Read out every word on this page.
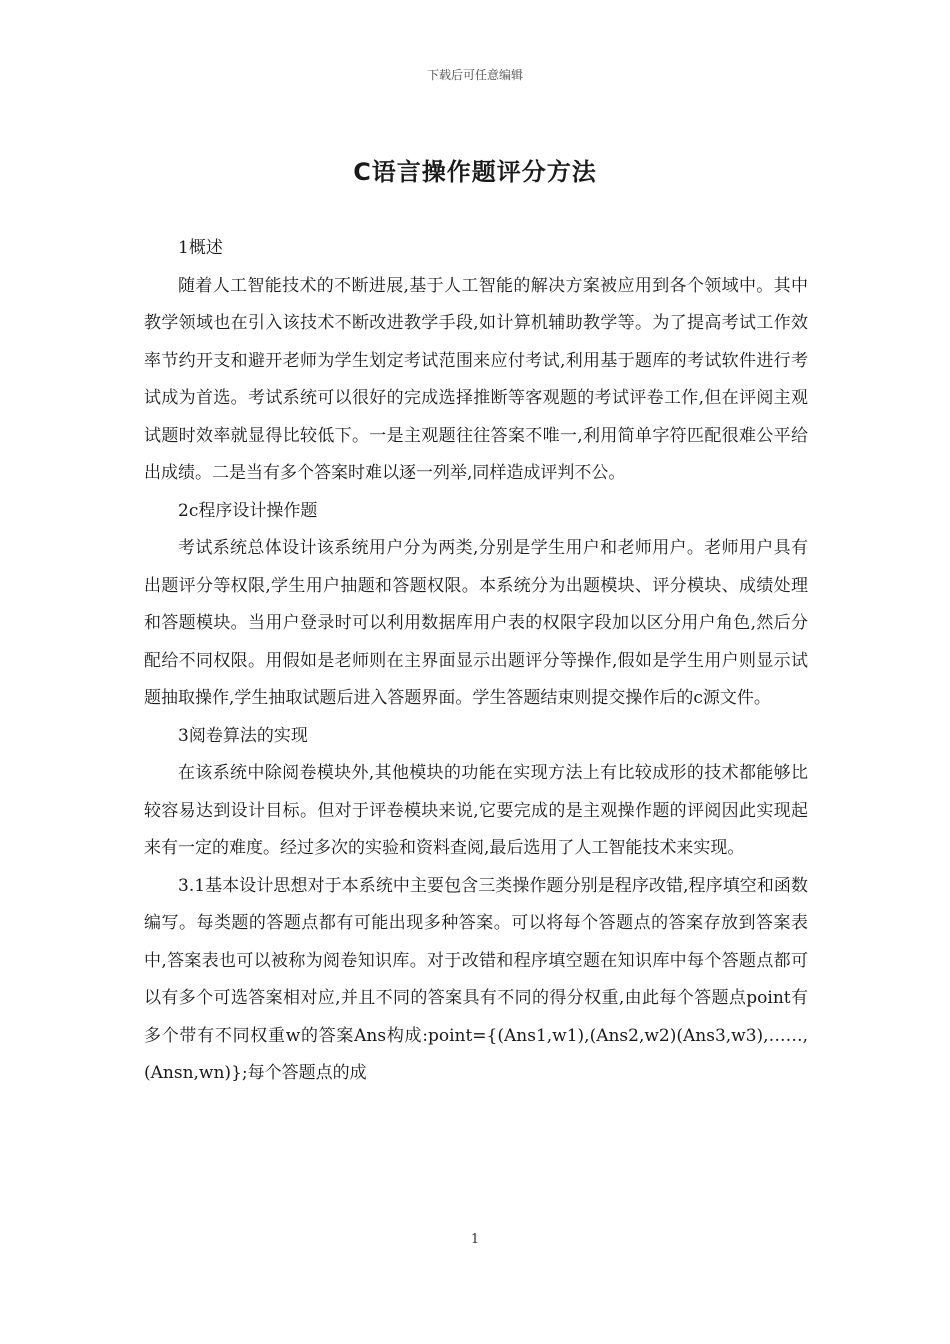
下载后可任意编辑
C语言操作题评分方法

1概述

随着人工智能技术的不断进展,基于人工智能的解决方案被应用到各个领域中。其中教学领域也在引入该技术不断改进教学手段,如计算机辅助教学等。为了提高考试工作效率节约开支和避开老师为学生划定考试范围来应付考试,利用基于题库的考试软件进行考试成为首选。考试系统可以很好的完成选择推断等客观题的考试评卷工作,但在评阅主观试题时效率就显得比较低下。一是主观题往往答案不唯一,利用简单字符匹配很难公平给出成绩。二是当有多个答案时难以逐一列举,同样造成评判不公。

2c程序设计操作题

考试系统总体设计该系统用户分为两类,分别是学生用户和老师用户。老师用户具有出题评分等权限,学生用户抽题和答题权限。本系统分为出题模块、评分模块、成绩处理和答题模块。当用户登录时可以利用数据库用户表的权限字段加以区分用户角色,然后分配给不同权限。用假如是老师则在主界面显示出题评分等操作,假如是学生用户则显示试题抽取操作,学生抽取试题后进入答题界面。学生答题结束则提交操作后的c源文件。

3阅卷算法的实现

在该系统中除阅卷模块外,其他模块的功能在实现方法上有比较成形的技术都能够比较容易达到设计目标。但对于评卷模块来说,它要完成的是主观操作题的评阅因此实现起来有一定的难度。经过多次的实验和资料查阅,最后选用了人工智能技术来实现。

3.1基本设计思想对于本系统中主要包含三类操作题分别是程序改错,程序填空和函数编写。每类题的答题点都有可能出现多种答案。可以将每个答题点的答案存放到答案表中,答案表也可以被称为阅卷知识库。对于改错和程序填空题在知识库中每个答题点都可以有多个可选答案相对应,并且不同的答案具有不同的得分权重,由此每个答题点point有多个带有不同权重w的答案Ans构成:point={(Ans1,w1),(Ans2,w2)(Ans3,w3),……,(Ansn,wn)};每个答题点的成

1
